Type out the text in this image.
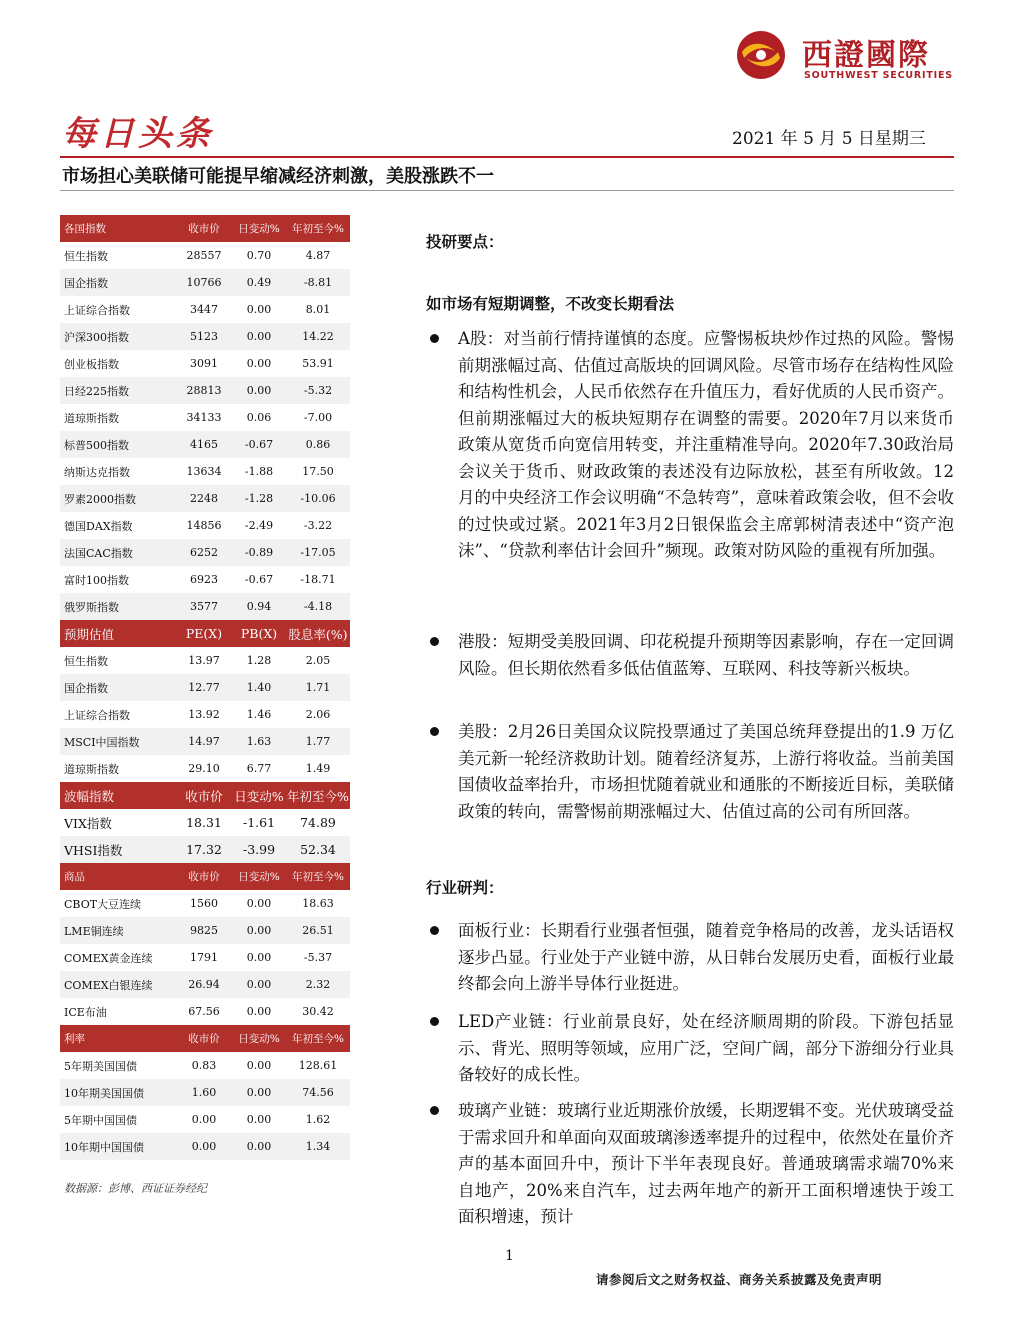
西證國際
SOUTHWEST SECURITIES
每日头条	2021 年 5 月 5 日星期三
市场担心美联储可能提早缩减经济刺激，美股涨跌不一
各国指数	收市价	日变动%	年初至今%
恒生指数	28557	0.70	4.87
国企指数	10766	0.49	-8.81
上证综合指数	3447	0.00	8.01
沪深300指数	5123	0.00	14.22
创业板指数	3091	0.00	53.91
日经225指数	28813	0.00	-5.32
道琼斯指数	34133	0.06	-7.00
标普500指数	4165	-0.67	0.86
纳斯达克指数	13634	-1.88	17.50
罗素2000指数	2248	-1.28	-10.06
德国DAX指数	14856	-2.49	-3.22
法国CAC指数	6252	-0.89	-17.05
富时100指数	6923	-0.67	-18.71
俄罗斯指数	3577	0.94	-4.18
预期估值	PE(X)	PB(X) 股息率(%)
恒生指数	13.97	1.28	2.05
国企指数	12.77	1.40	1.71
上证综合指数	13.92	1.46	2.06
MSCI中国指数	14.97	1.63	1.77
道琼斯指数	29.10	6.77	1.49
波幅指数	收市价 日变动% 年初至今%
VIX指数	18.31	-1.61	74.89
VHSI指数	17.32	-3.99	52.34
商品	收市价	日变动%	年初至今%
CBOT大豆连续	1560	0.00	18.63
LME铜连续	9825	0.00	26.51
COMEX黄金连续	1791	0.00	-5.37
COMEX白银连续	26.94	0.00	2.32
ICE布油	67.56	0.00	30.42
利率	收市价	日变动%	年初至今%
5年期美国国债	0.83	0.00	128.61
10年期美国国债	1.60	0.00	74.56
5年期中国国债	0.00	0.00	1.62
10年期中国国债	0.00	0.00	1.34
数据源：彭博、西证证券经纪
投研要点：
如市场有短期调整，不改变长期看法
A股：对当前行情持谨慎的态度。应警惕板块炒作过热的风险。警惕前期涨幅过高、估值过高版块的回调风险。尽管市场存在结构性风险和结构性机会，人民币依然存在升值压力，看好优质的人民币资产。但前期涨幅过大的板块短期存在调整的需要。2020年7月以来货币政策从宽货币向宽信用转变，并注重精准导向。2020年7.30政治局会议关于货币、财政政策的表述没有边际放松，甚至有所收敛。12月的中央经济工作会议明确“不急转弯”，意味着政策会收，但不会收的过快或过紧。2021年3月2日银保监会主席郭树清表述中“资产泡沫”、“贷款利率估计会回升”频现。政策对防风险的重视有所加强。
港股：短期受美股回调、印花税提升预期等因素影响，存在一定回调风险。但长期依然看多低估值蓝筹、互联网、科技等新兴板块。
美股：2月26日美国众议院投票通过了美国总统拜登提出的1.9 万亿美元新一轮经济救助计划。随着经济复苏，上游行将收益。当前美国国债收益率抬升，市场担忧随着就业和通胀的不断接近目标，美联储政策的转向，需警惕前期涨幅过大、估值过高的公司有所回落。
行业研判：
面板行业：长期看行业强者恒强，随着竞争格局的改善，龙头话语权逐步凸显。行业处于产业链中游，从日韩台发展历史看，面板行业最终都会向上游半导体行业挺进。
LED产业链：行业前景良好，处在经济顺周期的阶段。下游包括显示、背光、照明等领域，应用广泛，空间广阔，部分下游细分行业具备较好的成长性。
玻璃产业链：玻璃行业近期涨价放缓，长期逻辑不变。光伏玻璃受益于需求回升和单面向双面玻璃渗透率提升的过程中，依然处在量价齐声的基本面回升中，预计下半年表现良好。普通玻璃需求端70%来自地产，20%来自汽车，过去两年地产的新开工面积增速快于竣工面积增速，预计
1
请参阅后文之财务权益、商务关系披露及免责声明
